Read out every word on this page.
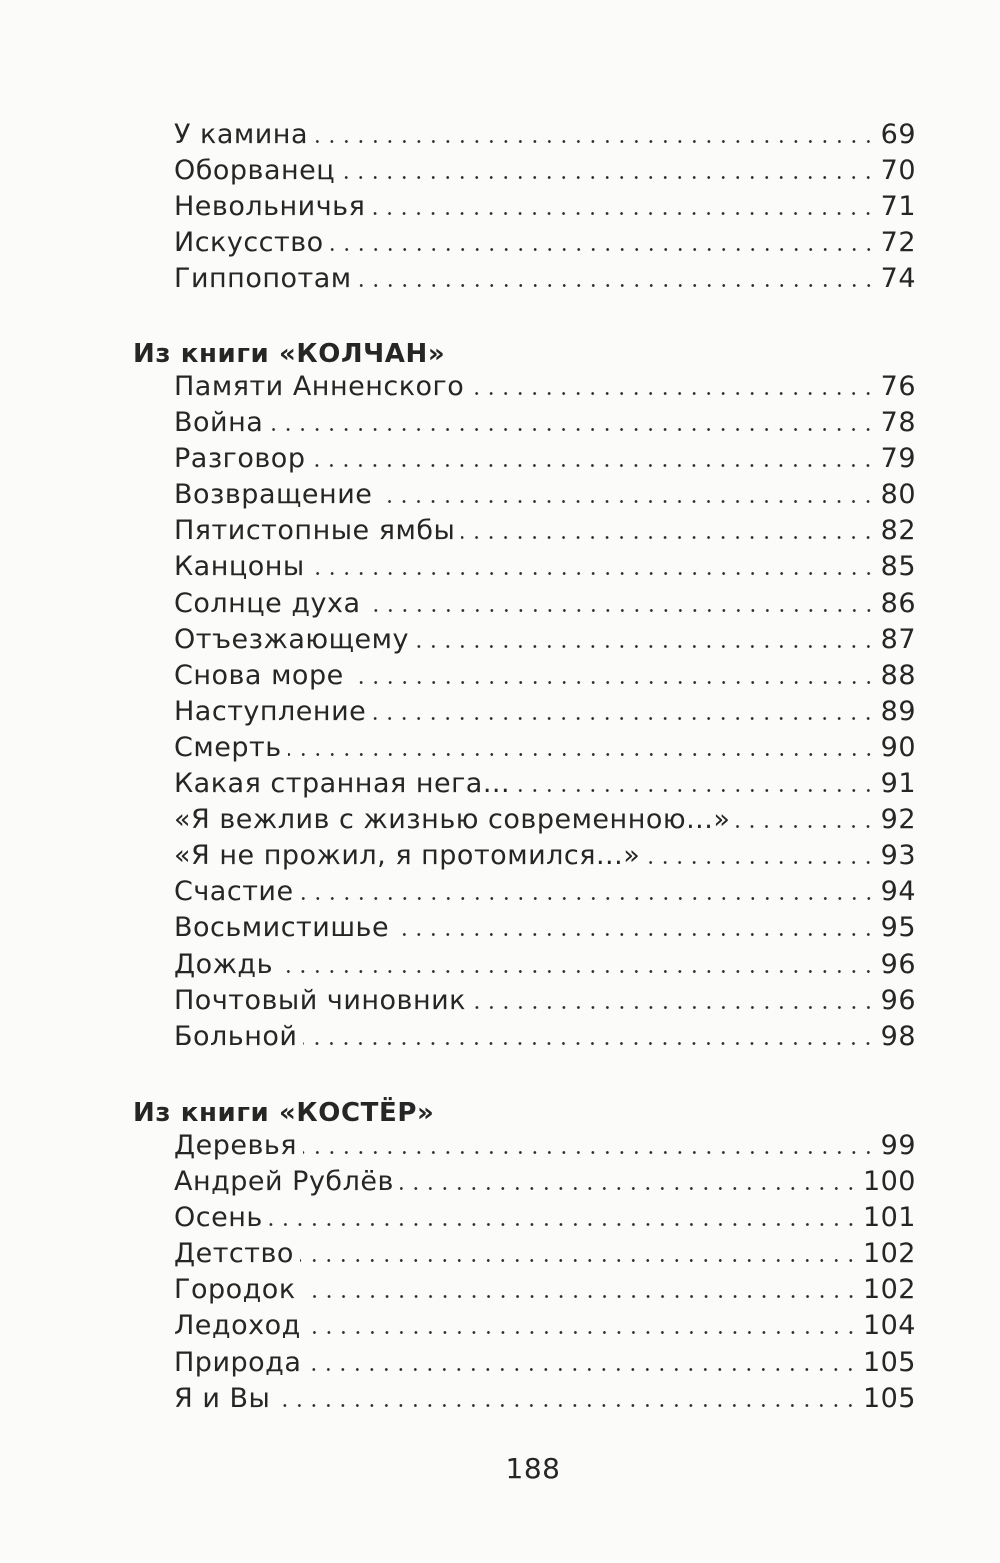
У камина	69
Оборванец	70
Невольничья	71
Искусство	72
Гиппопотам	74
Из книги «КОЛЧАН»
Памяти Анненского	76
Война	78
Разговор	79
Возвращение	80
Пятистопные ямбы	82
Канцоны	85
Солнце духа	86
Отъезжающему	87
Снова море	88
Наступление	89
Смерть	90
Какая странная нега...	91
«Я вежлив с жизнью современною...»	92
«Я не прожил, я протомился...»	93
Счастие	94
Восьмистишье	95
Дождь	96
Почтовый чиновник	96
Больной	98
Из книги «КОСТЁР»
Деревья	99
Андрей Рублёв	100
Осень	101
Детство	102
Городок	102
Ледоход	104
Природа	105
Я и Вы	105
188
